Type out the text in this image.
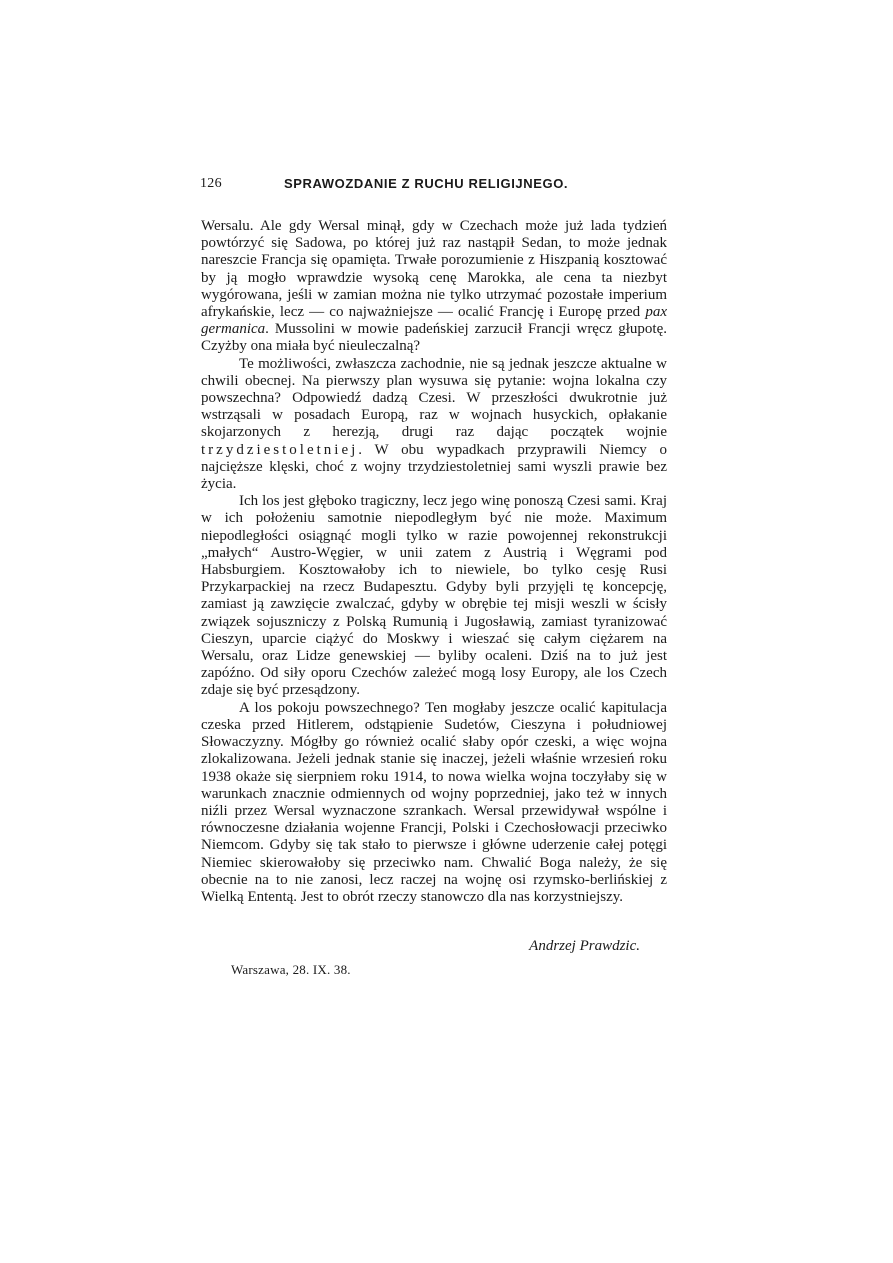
126	SPRAWOZDANIE Z RUCHU RELIGIJNEGO.

Wersalu. Ale gdy Wersal minął, gdy w Czechach może już lada tydzień powtórzyć się Sadowa, po której już raz nastąpił Sedan, to może jednak nareszcie Francja się opamięta. Trwałe porozumienie z Hiszpanią kosztować by ją mogło wprawdzie wysoką cenę Marokka, ale cena ta niezbyt wygórowana, jeśli w zamian można nie tylko utrzymać pozostałe imperium afrykańskie, lecz — co najważniejsze — ocalić Francję i Europę przed pax germanica. Mussolini w mowie padeńskiej zarzucił Francji wręcz głupotę. Czyżby ona miała być nieuleczalną?

Te możliwości, zwłaszcza zachodnie, nie są jednak jeszcze aktualne w chwili obecnej. Na pierwszy plan wysuwa się pytanie: wojna lokalna czy powszechna? Odpowiedź dadzą Czesi. W przeszłości dwukrotnie już wstrząsali w posadach Europą, raz w wojnach husyckich, opłakanie skojarzonych z herezją, drugi raz dając początek wojnie trzydziestoletniej. W obu wypadkach przyprawili Niemcy o najcięższe klęski, choć z wojny trzydziestoletniej sami wyszli prawie bez życia.

Ich los jest głęboko tragiczny, lecz jego winę ponoszą Czesi sami. Kraj w ich położeniu samotnie niepodległym być nie może. Maximum niepodległości osiągnąć mogli tylko w razie powojennej rekonstrukcji „małych“ Austro-Węgier, w unii zatem z Austrią i Węgrami pod Habsburgiem. Kosztowałoby ich to niewiele, bo tylko cesję Rusi Przykarpackiej na rzecz Budapesztu. Gdyby byli przyjęli tę koncepcję, zamiast ją zawzięcie zwalczać, gdyby w obrębie tej misji weszli w ścisły związek sojuszniczy z Polską Rumunią i Jugosławią, zamiast tyranizować Cieszyn, uparcie ciążyć do Moskwy i wieszać się całym ciężarem na Wersalu, oraz Lidze genewskiej — byliby ocaleni. Dziś na to już jest zapóźno. Od siły oporu Czechów zależeć mogą losy Europy, ale los Czech zdaje się być przesądzony.

A los pokoju powszechnego? Ten mogłaby jeszcze ocalić kapitulacja czeska przed Hitlerem, odstąpienie Sudetów, Cieszyna i południowej Słowaczyzny. Mógłby go również ocalić słaby opór czeski, a więc wojna zlokalizowana. Jeżeli jednak stanie się inaczej, jeżeli właśnie wrzesień roku 1938 okaże się sierpniem roku 1914, to nowa wielka wojna toczyłaby się w warunkach znacznie odmiennych od wojny poprzedniej, jako też w innych niźli przez Wersal wyznaczone szrankach. Wersal przewidywał wspólne i równoczesne działania wojenne Francji, Polski i Czechosłowacji przeciwko Niemcom. Gdyby się tak stało to pierwsze i główne uderzenie całej potęgi Niemiec skierowałoby się przeciwko nam. Chwalić Boga należy, że się obecnie na to nie zanosi, lecz raczej na wojnę osi rzymsko-berlińskiej z Wielką Ententą. Jest to obrót rzeczy stanowczo dla nas korzystniejszy.

Andrzej Prawdzic.
Warszawa, 28. IX. 38.
